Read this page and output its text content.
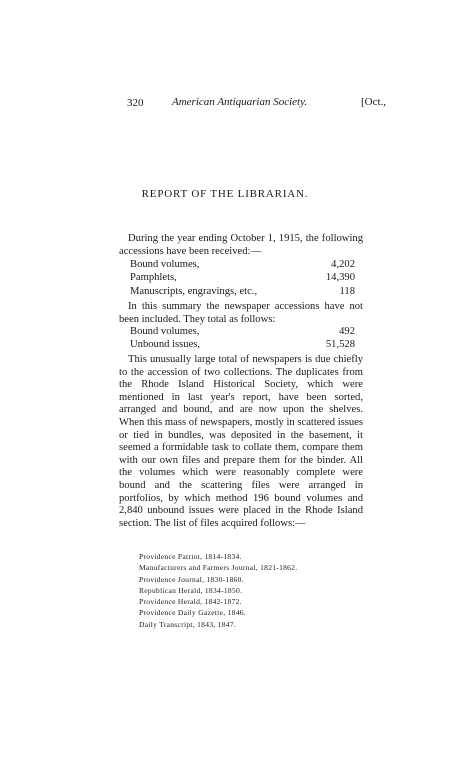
320	American Antiquarian Society.	[Oct.,
REPORT OF THE LIBRARIAN.
During the year ending October 1, 1915, the following accessions have been received:—
Bound volumes,	4,202
Pamphlets,	14,390
Manuscripts, engravings, etc.,	118
In this summary the newspaper accessions have not been included. They total as follows:
Bound volumes,	492
Unbound issues,	51,528
This unusually large total of newspapers is due chiefly to the accession of two collections. The duplicates from the Rhode Island Historical Society, which were mentioned in last year's report, have been sorted, arranged and bound, and are now upon the shelves. When this mass of newspapers, mostly in scattered issues or tied in bundles, was deposited in the basement, it seemed a formidable task to collate them, compare them with our own files and prepare them for the binder. All the volumes which were reasonably complete were bound and the scattering files were arranged in portfolios, by which method 196 bound volumes and 2,840 unbound issues were placed in the Rhode Island section. The list of files acquired follows:—
Providence Patriot, 1814-1834.
Manufacturers and Farmers Journal, 1821-1862.
Providence Journal, 1830-1860.
Republican Herald, 1834-1850.
Providence Herald, 1842-1872.
Providence Daily Gazette, 1846.
Daily Transcript, 1843, 1847.
